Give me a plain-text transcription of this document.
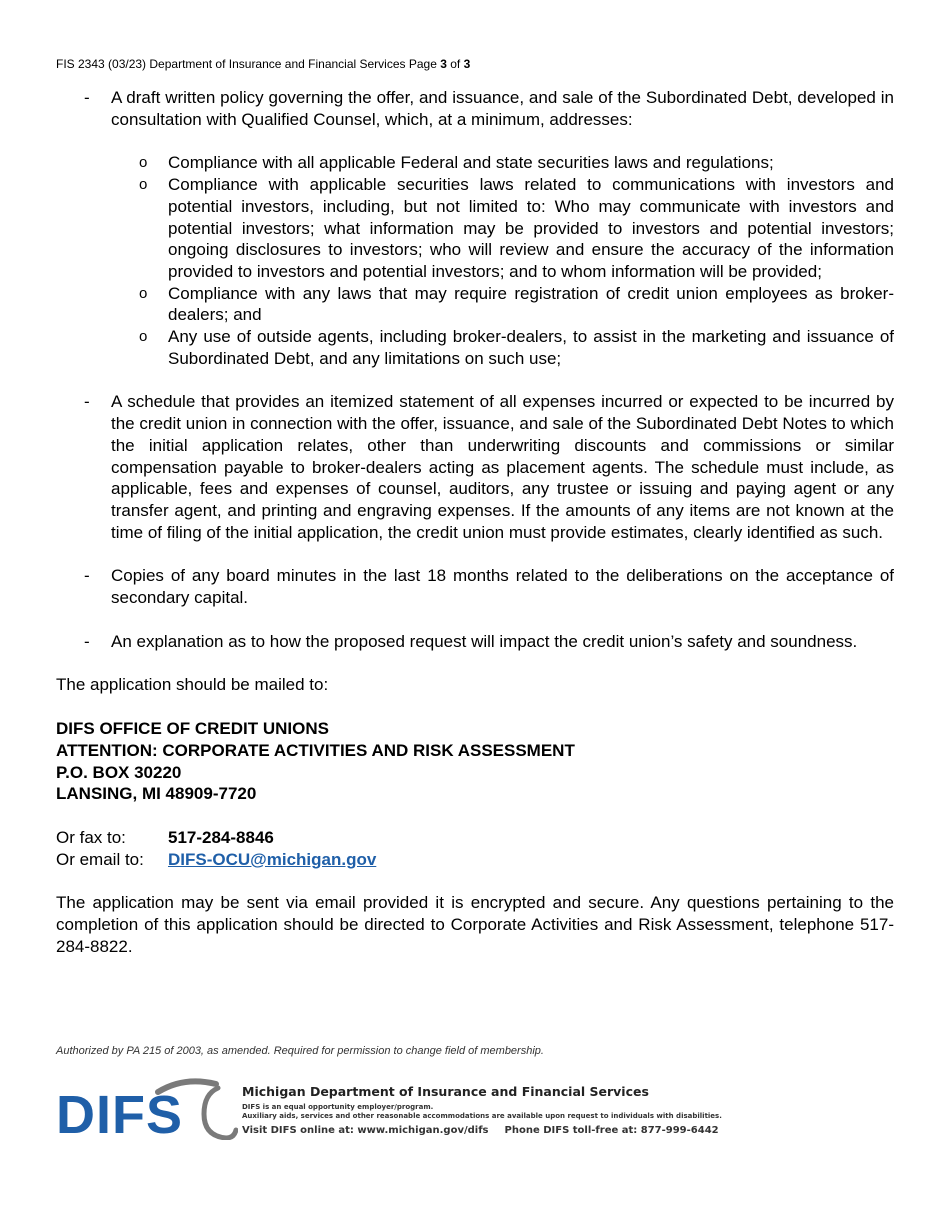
FIS 2343 (03/23) Department of Insurance and Financial Services Page 3 of 3
- A draft written policy governing the offer, and issuance, and sale of the Subordinated Debt, developed in consultation with Qualified Counsel, which, at a minimum, addresses:
o Compliance with all applicable Federal and state securities laws and regulations;
o Compliance with applicable securities laws related to communications with investors and potential investors, including, but not limited to: Who may communicate with investors and potential investors; what information may be provided to investors and potential investors; ongoing disclosures to investors; who will review and ensure the accuracy of the information provided to investors and potential investors; and to whom information will be provided;
o Compliance with any laws that may require registration of credit union employees as broker-dealers; and
o Any use of outside agents, including broker-dealers, to assist in the marketing and issuance of Subordinated Debt, and any limitations on such use;
- A schedule that provides an itemized statement of all expenses incurred or expected to be incurred by the credit union in connection with the offer, issuance, and sale of the Subordinated Debt Notes to which the initial application relates, other than underwriting discounts and commissions or similar compensation payable to broker-dealers acting as placement agents. The schedule must include, as applicable, fees and expenses of counsel, auditors, any trustee or issuing and paying agent or any transfer agent, and printing and engraving expenses. If the amounts of any items are not known at the time of filing of the initial application, the credit union must provide estimates, clearly identified as such.
- Copies of any board minutes in the last 18 months related to the deliberations on the acceptance of secondary capital.
- An explanation as to how the proposed request will impact the credit union’s safety and soundness.

The application should be mailed to:

DIFS OFFICE OF CREDIT UNIONS
ATTENTION: CORPORATE ACTIVITIES AND RISK ASSESSMENT
P.O. BOX 30220
LANSING, MI 48909-7720
Or fax to:	517-284-8846
Or email to:	DIFS-OCU@michigan.gov

The application may be sent via email provided it is encrypted and secure. Any questions pertaining to the completion of this application should be directed to Corporate Activities and Risk Assessment, telephone 517-284-8822.

Authorized by PA 215 of 2003, as amended. Required for permission to change field of membership.
DIFS	Michigan Department of Insurance and Financial Services
DIFS is an equal opportunity employer/program.
Auxiliary aids, services and other reasonable accommodations are available upon request to individuals with disabilities.
Visit DIFS online at: www.michigan.gov/difs Phone DIFS toll-free at: 877-999-6442
